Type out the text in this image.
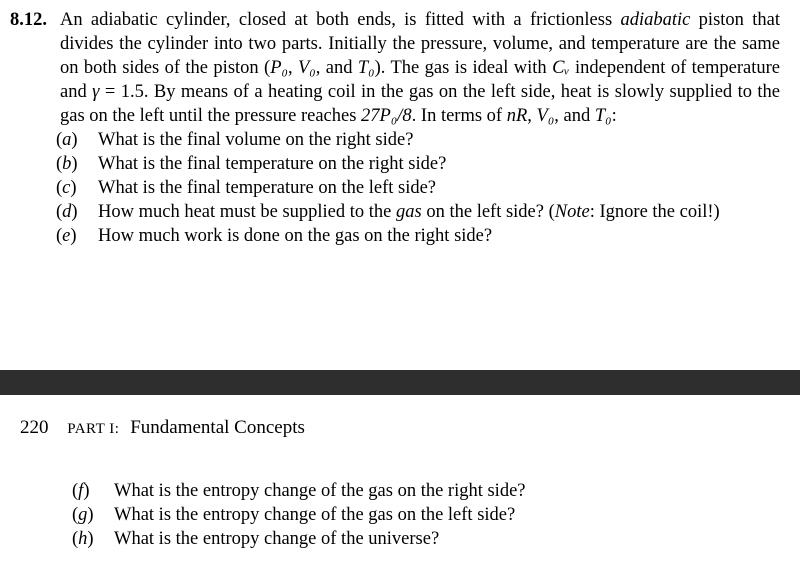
8.12. An adiabatic cylinder, closed at both ends, is fitted with a frictionless adiabatic piston that divides the cylinder into two parts. Initially the pressure, volume, and temperature are the same on both sides of the piston (P₀, V₀, and T₀). The gas is ideal with Cᵥ independent of temperature and γ = 1.5. By means of a heating coil in the gas on the left side, heat is slowly supplied to the gas on the left until the pressure reaches 27P₀/8. In terms of nR, V₀, and T₀:

(a)	What is the final volume on the right side?

(b)	What is the final temperature on the right side?

(c)	What is the final temperature on the left side?

(d)	How much heat must be supplied to the gas on the left side? (Note: Ignore the coil!)

(e)	How much work is done on the gas on the right side?

220 PART I: Fundamental Concepts

(f)	What is the entropy change of the gas on the right side?

(g)	What is the entropy change of the gas on the left side?

(h)	What is the entropy change of the universe?
